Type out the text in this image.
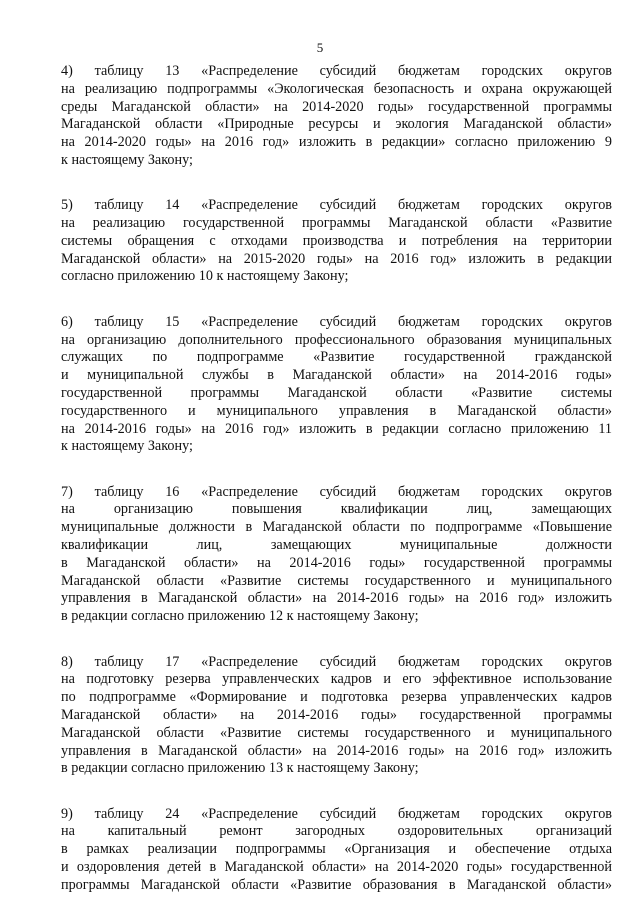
5
4) таблицу 13 «Распределение субсидий бюджетам городских округов
на реализацию подпрограммы «Экологическая безопасность и охрана окружающей
среды Магаданской области» на 2014-2020 годы» государственной программы
Магаданской области «Природные ресурсы и экология Магаданской области»
на 2014-2020 годы» на 2016 год» изложить в редакции» согласно приложению 9
к настоящему Закону;
5) таблицу 14 «Распределение субсидий бюджетам городских округов
на реализацию государственной программы Магаданской области «Развитие
системы обращения с отходами производства и потребления на территории
Магаданской области» на 2015-2020 годы» на 2016 год» изложить в редакции
согласно приложению 10 к настоящему Закону;
6) таблицу 15 «Распределение субсидий бюджетам городских округов
на организацию дополнительного профессионального образования муниципальных
служащих по подпрограмме «Развитие государственной гражданской
и муниципальной службы в Магаданской области» на 2014-2016 годы»
государственной программы Магаданской области «Развитие системы
государственного и муниципального управления в Магаданской области»
на 2014-2016 годы» на 2016 год» изложить в редакции согласно приложению 11
к настоящему Закону;
7) таблицу 16 «Распределение субсидий бюджетам городских округов
на организацию повышения квалификации лиц, замещающих
муниципальные должности в Магаданской области по подпрограмме «Повышение
квалификации лиц, замещающих муниципальные должности
в Магаданской области» на 2014-2016 годы» государственной программы
Магаданской области «Развитие системы государственного и муниципального
управления в Магаданской области» на 2014-2016 годы» на 2016 год» изложить
в редакции согласно приложению 12 к настоящему Закону;
8) таблицу 17 «Распределение субсидий бюджетам городских округов
на подготовку резерва управленческих кадров и его эффективное использование
по подпрограмме «Формирование и подготовка резерва управленческих кадров
Магаданской области» на 2014-2016 годы» государственной программы
Магаданской области «Развитие системы государственного и муниципального
управления в Магаданской области» на 2014-2016 годы» на 2016 год» изложить
в редакции согласно приложению 13 к настоящему Закону;
9) таблицу 24 «Распределение субсидий бюджетам городских округов
на капитальный ремонт загородных оздоровительных организаций
в рамках реализации подпрограммы «Организация и обеспечение отдыха
и оздоровления детей в Магаданской области» на 2014-2020 годы» государственной
программы Магаданской области «Развитие образования в Магаданской области»
